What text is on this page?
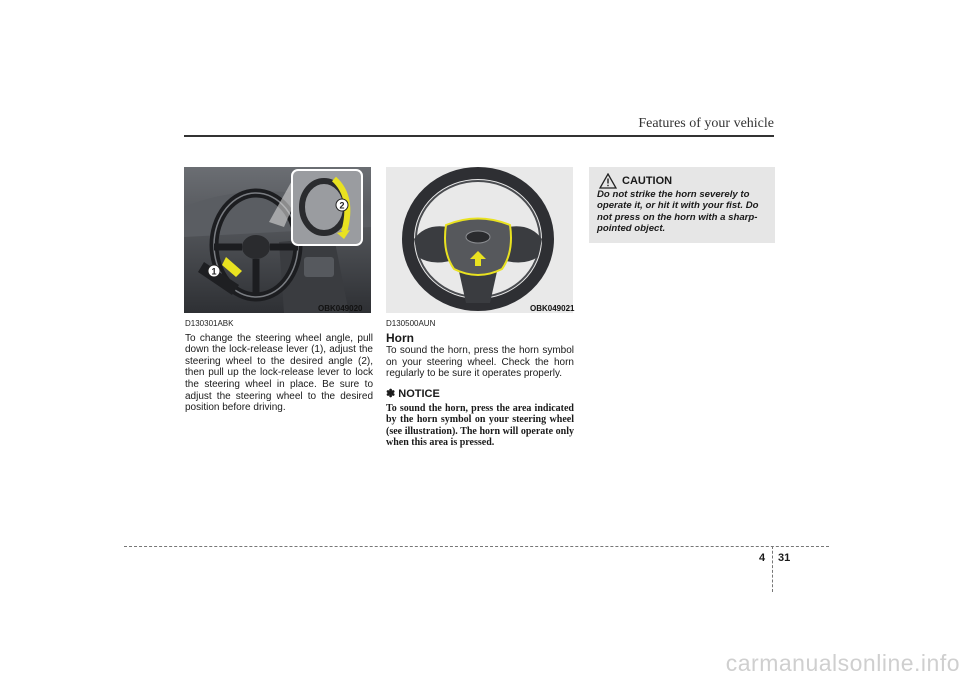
Features of your vehicle
1
2
OBK049020	OBK049021
D130301ABK
To change the steering wheel angle, pull down the lock-release lever (1), adjust the steering wheel to the desired angle (2), then pull up the lock-release lever to lock the steering wheel in place. Be sure to adjust the steering wheel to the desired position before driving.
D130500AUN
Horn
To sound the horn, press the horn symbol on your steering wheel. Check the horn regularly to be sure it operates properly.
✽ NOTICE
To sound the horn, press the area indicated by the horn symbol on your steering wheel (see illustration). The horn will operate only when this area is pressed.
CAUTION
Do not strike the horn severely to operate it, or hit it with your fist. Do not press on the horn with a sharp-pointed object.
4 31
carmanualsonline.info
